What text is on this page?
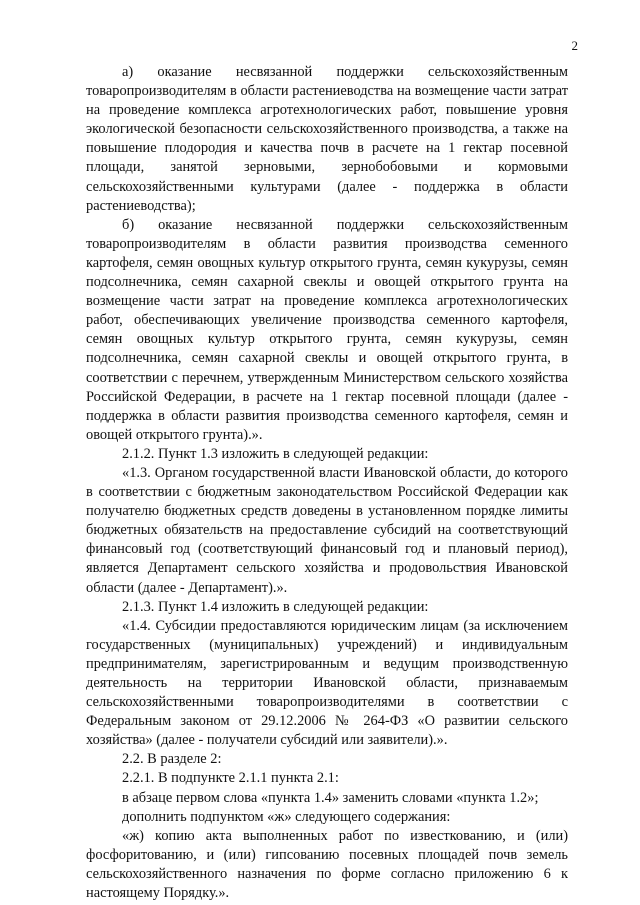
2

а) оказание несвязанной поддержки сельскохозяйственным товаропроизводителям в области растениеводства на возмещение части затрат на проведение комплекса агротехнологических работ, повышение уровня экологической безопасности сельскохозяйственного производства, а также на повышение плодородия и качества почв в расчете на 1 гектар посевной площади, занятой зерновыми, зернобобовыми и кормовыми сельскохозяйственными культурами (далее - поддержка в области растениеводства);

б) оказание несвязанной поддержки сельскохозяйственным товаропроизводителям в области развития производства семенного картофеля, семян овощных культур открытого грунта, семян кукурузы, семян подсолнечника, семян сахарной свеклы и овощей открытого грунта на возмещение части затрат на проведение комплекса агротехнологических работ, обеспечивающих увеличение производства семенного картофеля, семян овощных культур открытого грунта, семян кукурузы, семян подсолнечника, семян сахарной свеклы и овощей открытого грунта, в соответствии с перечнем, утвержденным Министерством сельского хозяйства Российской Федерации, в расчете на 1 гектар посевной площади (далее - поддержка в области развития производства семенного картофеля, семян и овощей открытого грунта).».

2.1.2. Пункт 1.3 изложить в следующей редакции:

«1.3. Органом государственной власти Ивановской области, до которого в соответствии с бюджетным законодательством Российской Федерации как получателю бюджетных средств доведены в установленном порядке лимиты бюджетных обязательств на предоставление субсидий на соответствующий финансовый год (соответствующий финансовый год и плановый период), является Департамент сельского хозяйства и продовольствия Ивановской области (далее - Департамент).».

2.1.3. Пункт 1.4 изложить в следующей редакции:

«1.4. Субсидии предоставляются юридическим лицам (за исключением государственных (муниципальных) учреждений) и индивидуальным предпринимателям, зарегистрированным и ведущим производственную деятельность на территории Ивановской области, признаваемым сельскохозяйственными товаропроизводителями в соответствии с Федеральным законом от 29.12.2006 № 264-ФЗ «О развитии сельского хозяйства» (далее - получатели субсидий или заявители).».

2.2. В разделе 2:

2.2.1. В подпункте 2.1.1 пункта 2.1:

в абзаце первом слова «пункта 1.4» заменить словами «пункта 1.2»;

дополнить подпунктом «ж» следующего содержания:

«ж) копию акта выполненных работ по известкованию, и (или) фосфоритованию, и (или) гипсованию посевных площадей почв земель сельскохозяйственного назначения по форме согласно приложению 6 к настоящему Порядку.».
